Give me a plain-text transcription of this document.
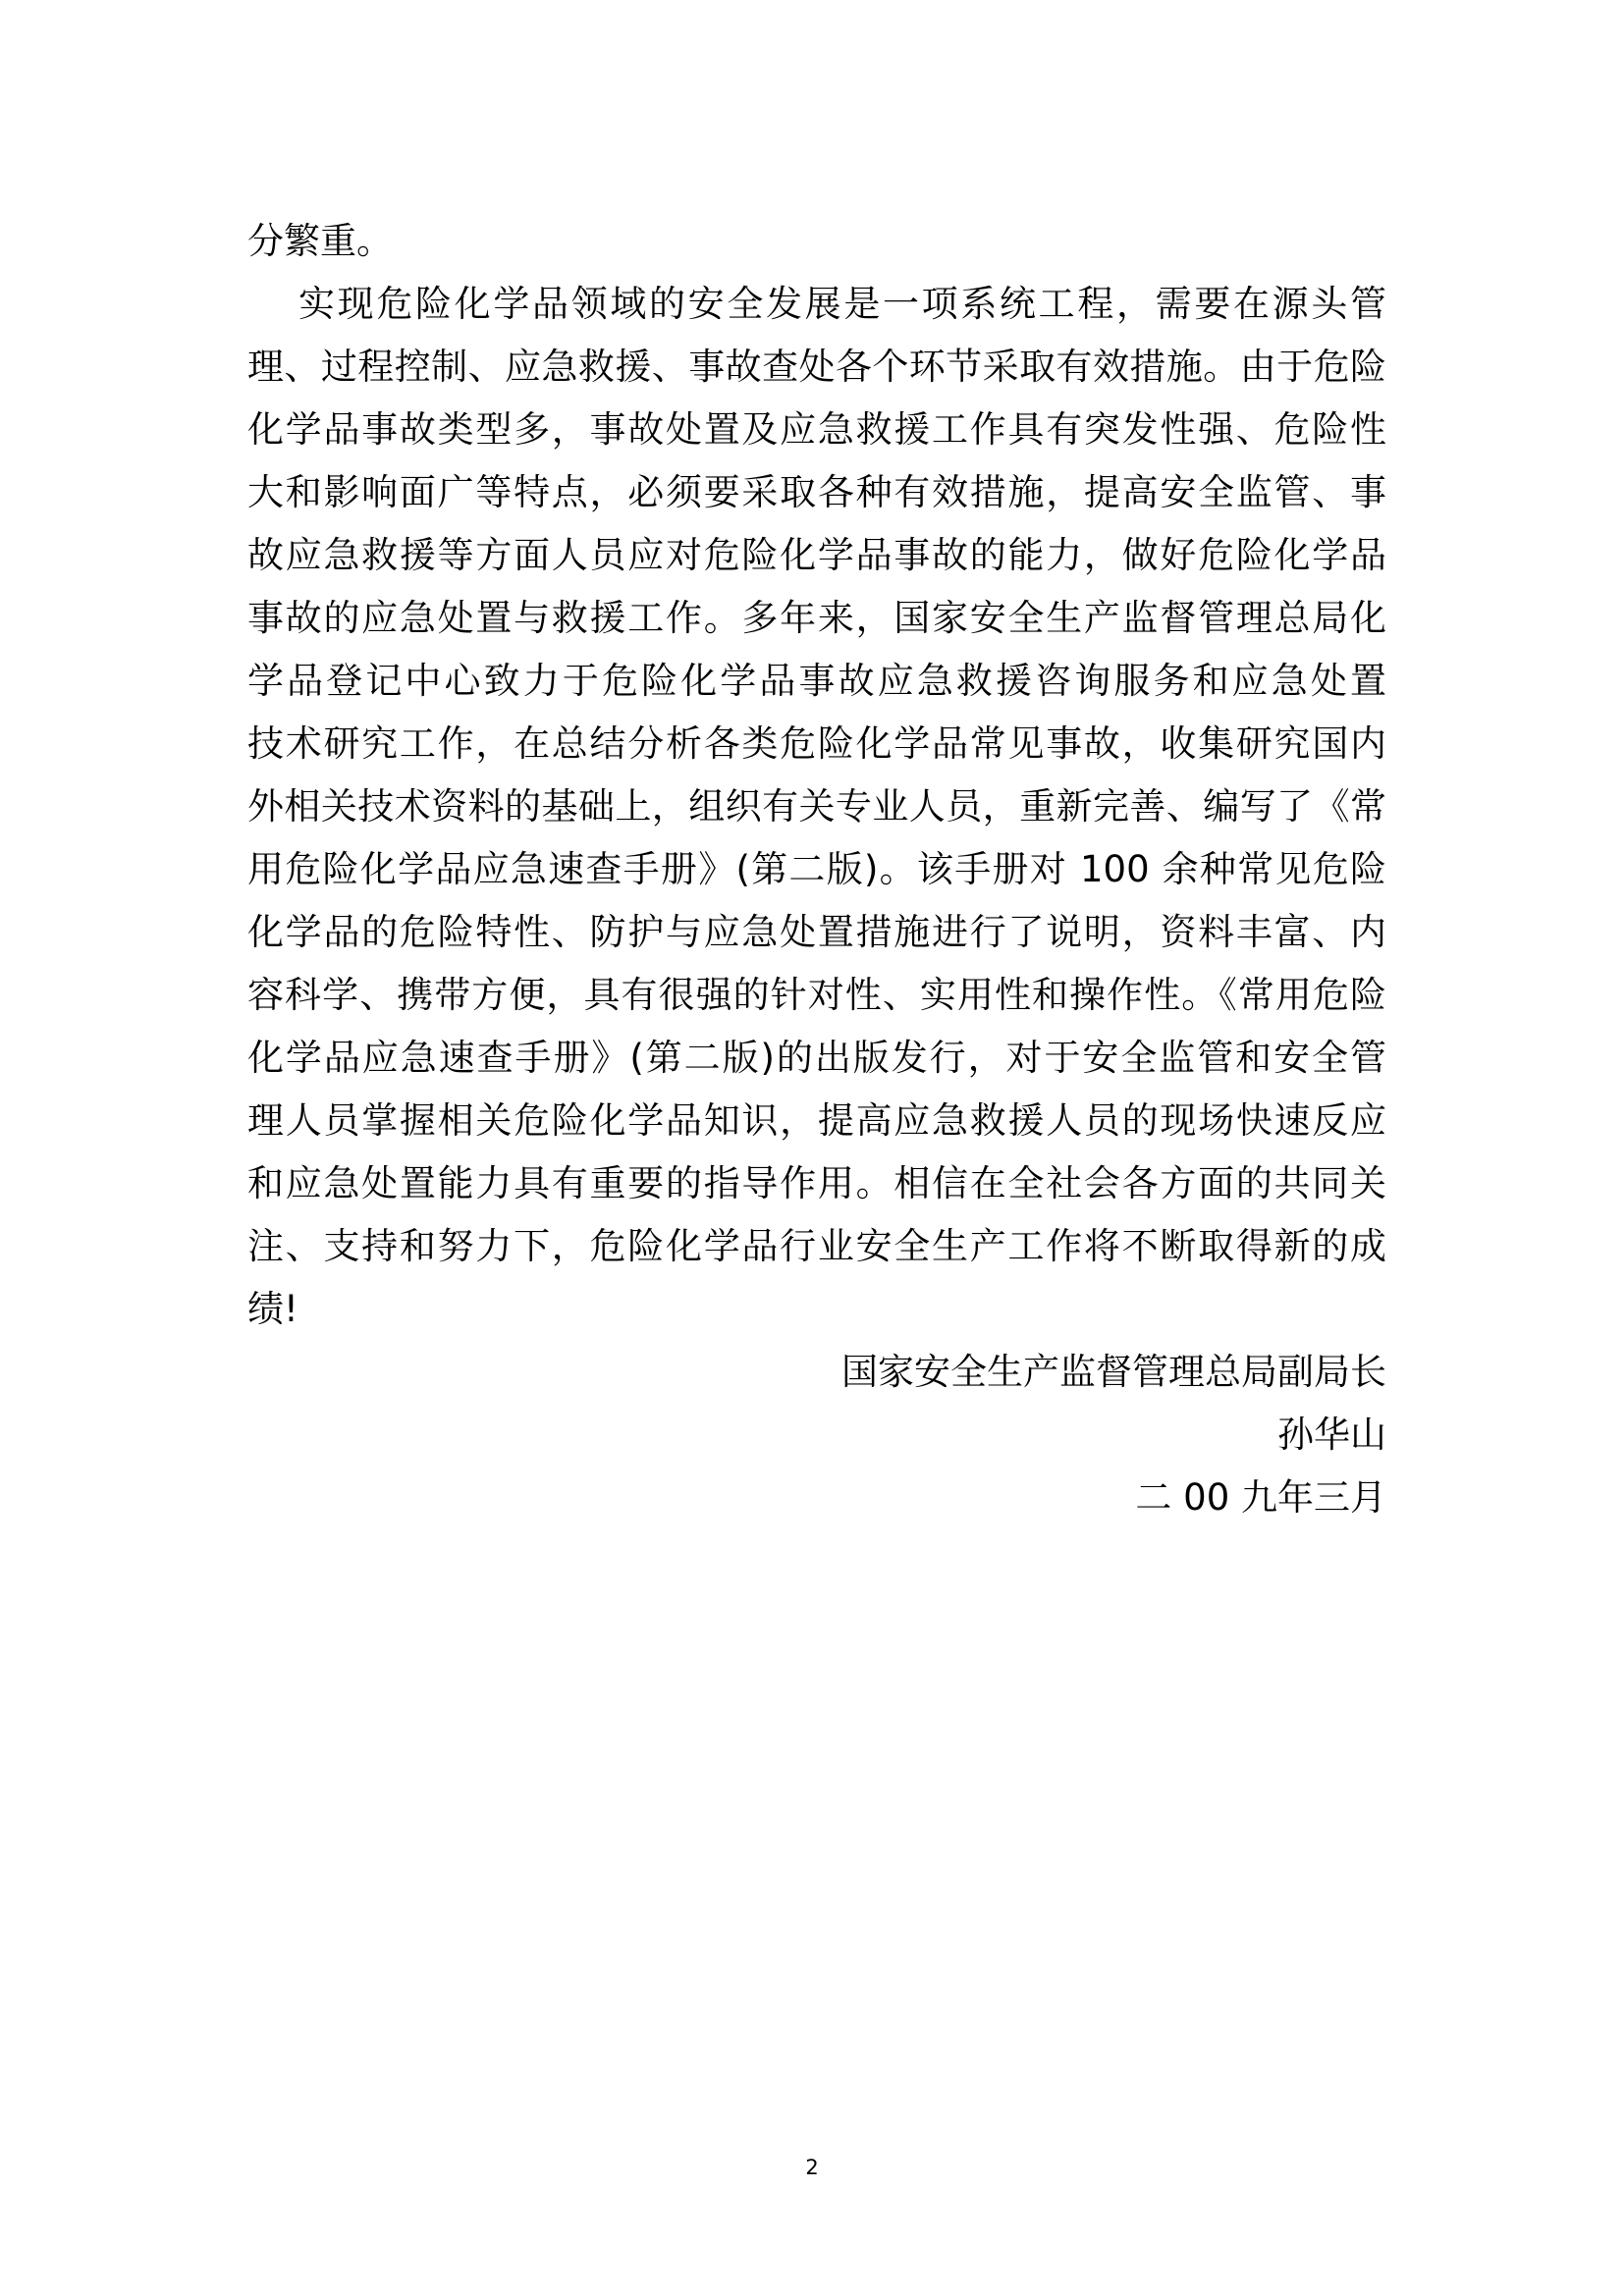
分繁重。
实现危险化学品领域的安全发展是一项系统工程，需要在源头管
理、过程控制、应急救援、事故查处各个环节采取有效措施。由于危险
化学品事故类型多，事故处置及应急救援工作具有突发性强、危险性
大和影响面广等特点，必须要采取各种有效措施，提高安全监管、事
故应急救援等方面人员应对危险化学品事故的能力，做好危险化学品
事故的应急处置与救援工作。多年来，国家安全生产监督管理总局化
学品登记中心致力于危险化学品事故应急救援咨询服务和应急处置
技术研究工作，在总结分析各类危险化学品常见事故，收集研究国内
外相关技术资料的基础上，组织有关专业人员，重新完善、编写了《常
用危险化学品应急速查手册》(第二版)。该手册对 100 余种常见危险
化学品的危险特性、防护与应急处置措施进行了说明，资料丰富、内
容科学、携带方便，具有很强的针对性、实用性和操作性。《常用危险
化学品应急速查手册》(第二版)的出版发行，对于安全监管和安全管
理人员掌握相关危险化学品知识，提高应急救援人员的现场快速反应
和应急处置能力具有重要的指导作用。相信在全社会各方面的共同关
注、支持和努力下，危险化学品行业安全生产工作将不断取得新的成
绩!
国家安全生产监督管理总局副局长
孙华山
二 00 九年三月
2
